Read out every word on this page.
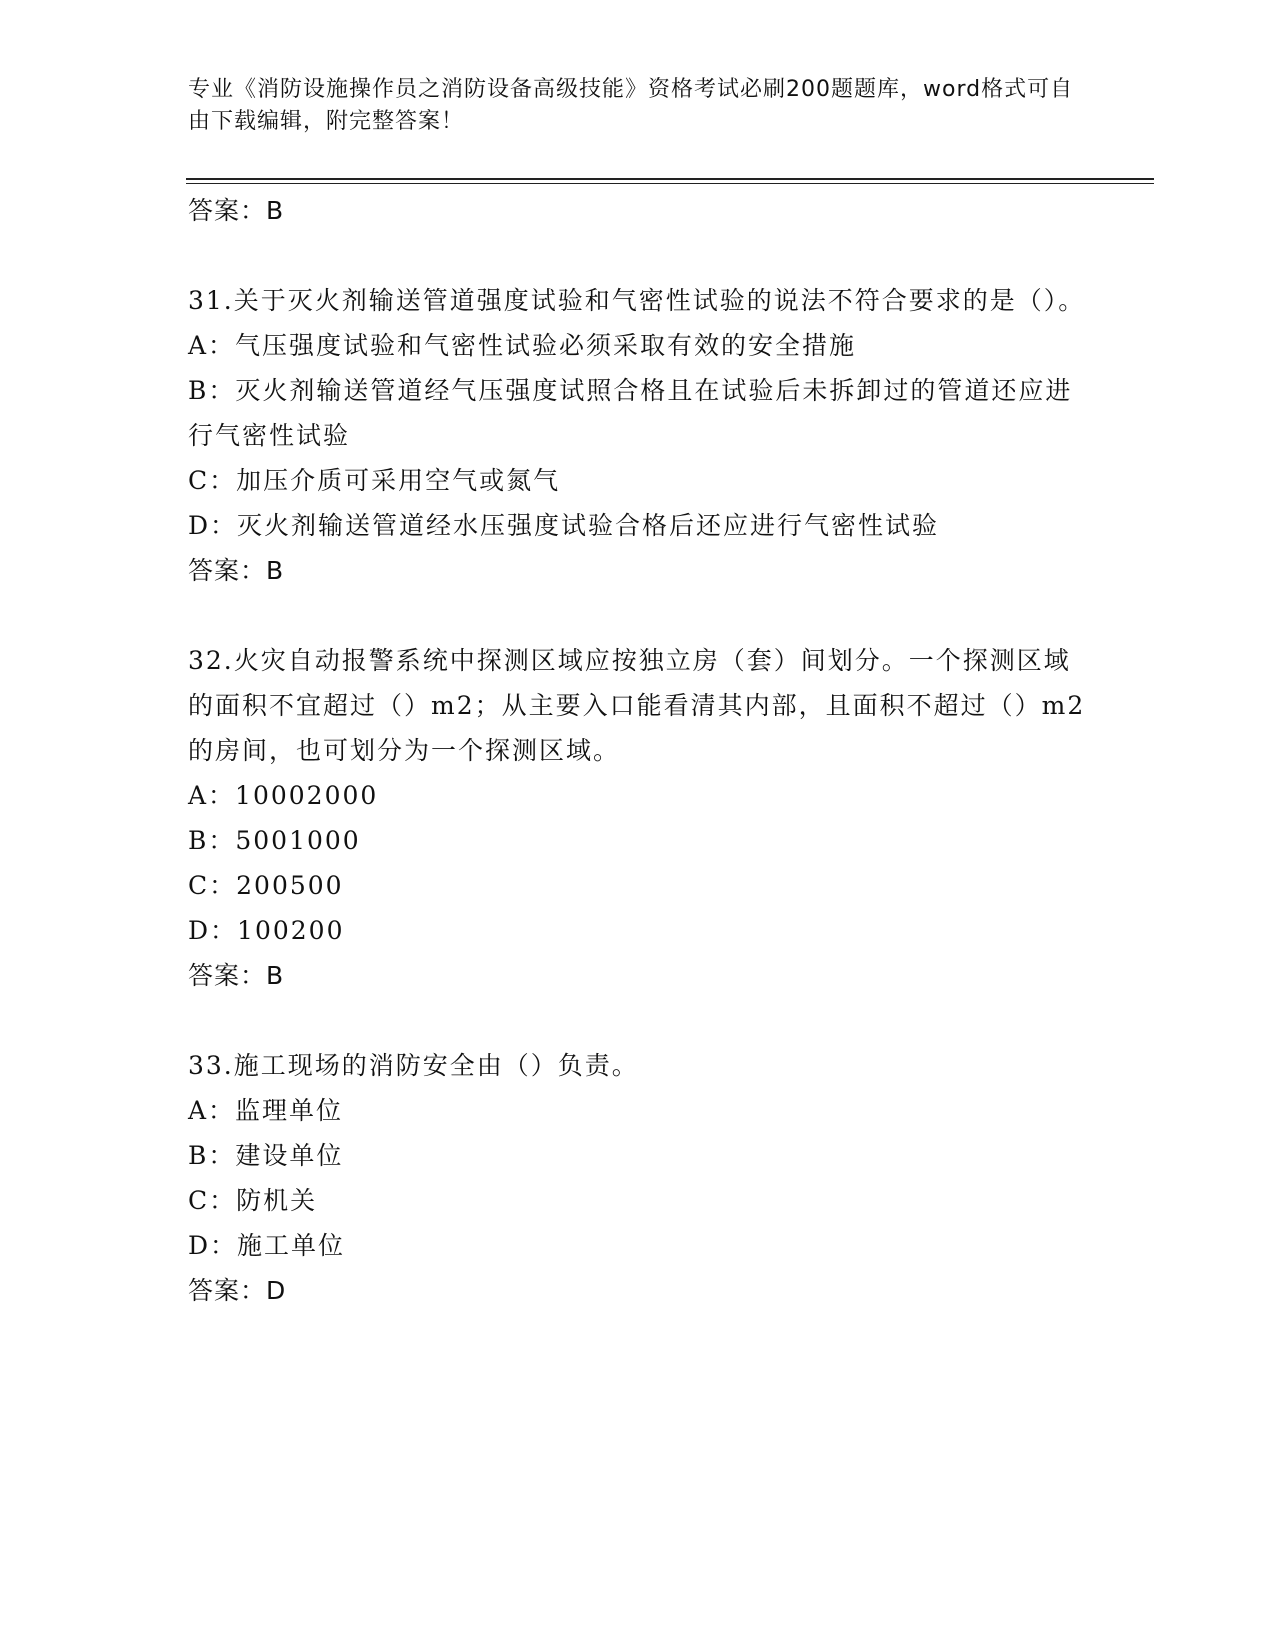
专业《消防设施操作员之消防设备高级技能》资格考试必刷200题题库，word格式可自由下载编辑，附完整答案！
答案：B
31.关于灭火剂输送管道强度试验和气密性试验的说法不符合要求的是（）。
A：气压强度试验和气密性试验必须采取有效的安全措施
B：灭火剂输送管道经气压强度试照合格且在试验后未拆卸过的管道还应进行气密性试验
C：加压介质可采用空气或氮气
D：灭火剂输送管道经水压强度试验合格后还应进行气密性试验
答案：B
32.火灾自动报警系统中探测区域应按独立房（套）间划分。一个探测区域的面积不宜超过（）m2；从主要入口能看清其内部，且面积不超过（）m2的房间，也可划分为一个探测区域。
A：10002000
B：5001000
C：200500
D：100200
答案：B
33.施工现场的消防安全由（）负责。
A：监理单位
B：建设单位
C：防机关
D：施工单位
答案：D
